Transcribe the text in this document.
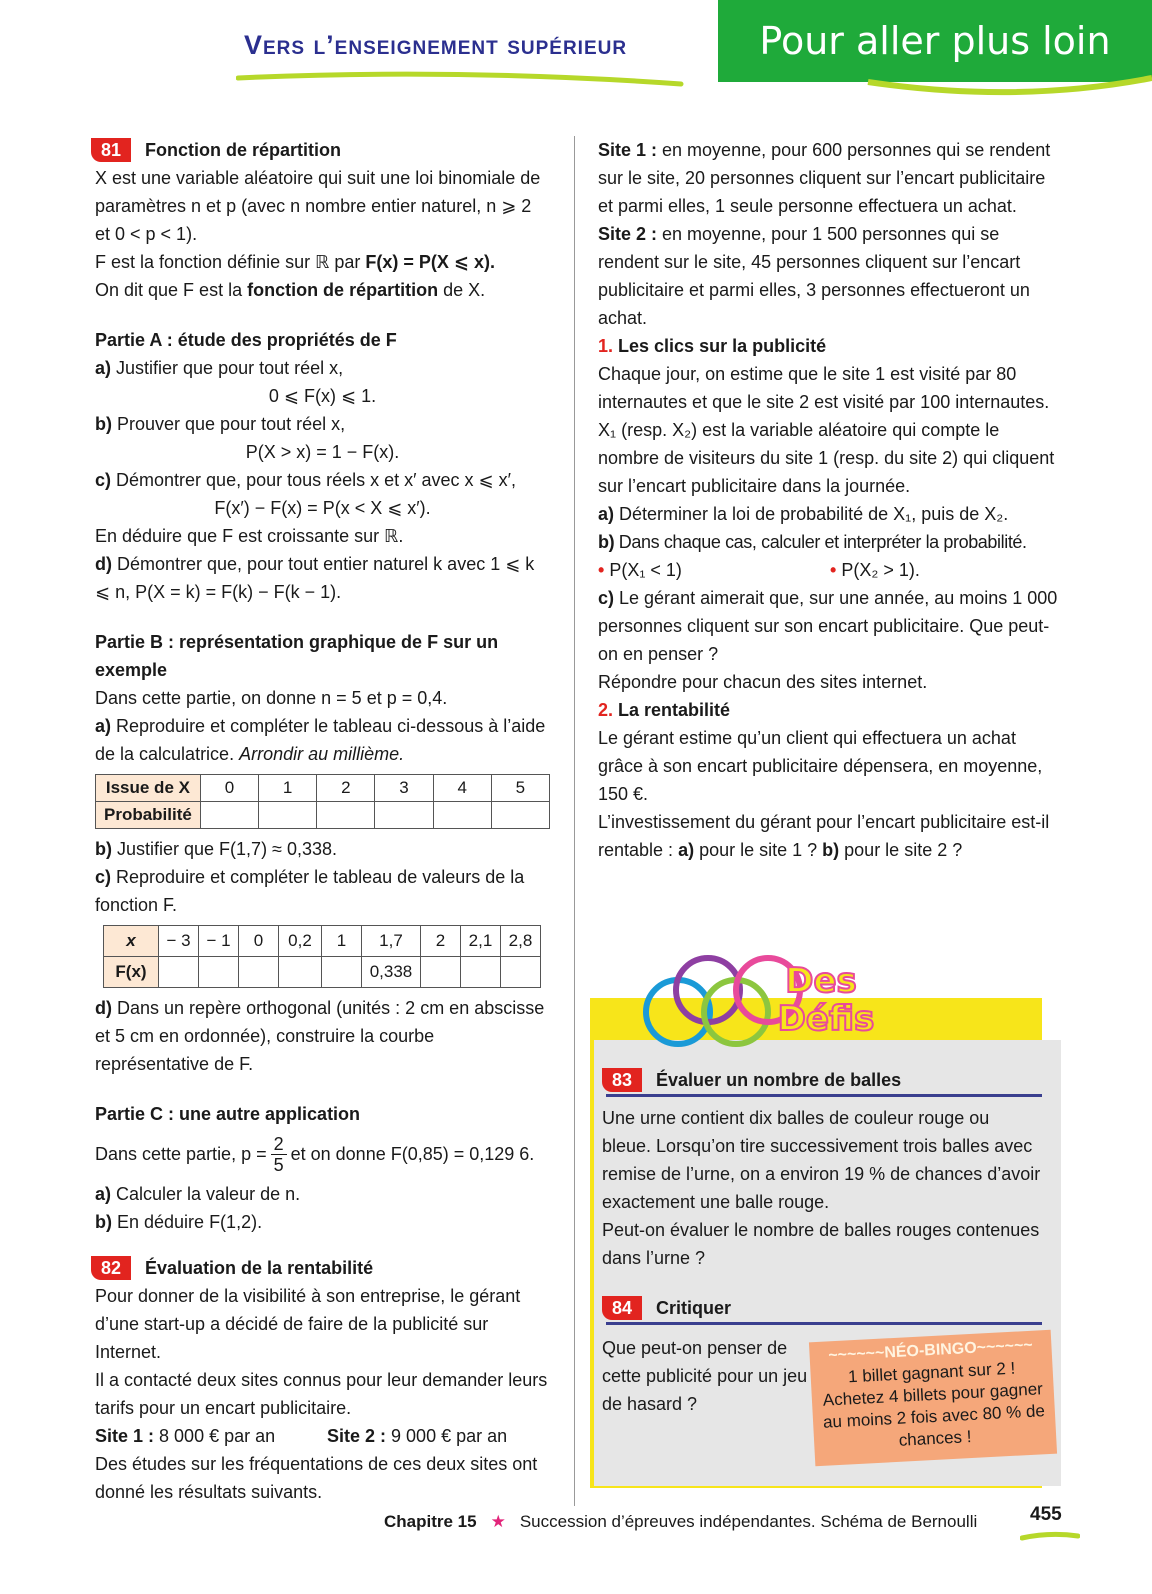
Vers l’enseignement supérieur	Pour aller plus loin
81	Fonction de répartition

X est une variable aléatoire qui suit une loi binomiale de paramètres n et p (avec n nombre entier naturel, n ⩾ 2 et 0 < p < 1).

F est la fonction définie sur ℝ par F(x) = P(X ⩽ x).

On dit que F est la fonction de répartition de X.

Partie A : étude des propriétés de F

a) Justifier que pour tout réel x,

0 ⩽ F(x) ⩽ 1.

b) Prouver que pour tout réel x,

P(X > x) = 1 − F(x).

c) Démontrer que, pour tous réels x et x′ avec x ⩽ x′,

F(x′) − F(x) = P(x < X ⩽ x′).

En déduire que F est croissante sur ℝ.

d) Démontrer que, pour tout entier naturel k avec 1 ⩽ k ⩽ n, P(X = k) = F(k) − F(k − 1).

Partie B : représentation graphique de F sur un exemple

Dans cette partie, on donne n = 5 et p = 0,4.

a) Reproduire et compléter le tableau ci-dessous à l’aide de la calculatrice. Arrondir au millième.

Issue de X	0	1	2	3	4	5
Probabilité						

b) Justifier que F(1,7) ≈ 0,338.

c) Reproduire et compléter le tableau de valeurs de la fonction F.

x	− 3	− 1	0	0,2	1	1,7	2	2,1	2,8
F(x)						0,338			

d) Dans un repère orthogonal (unités : 2 cm en abscisse et 5 cm en ordonnée), construire la courbe représentative de F.

Partie C : une autre application

Dans cette partie, $p = \frac{2}{5}$ et on donne F(0,85) = 0,129 6.

a) Calculer la valeur de n.

b) En déduire F(1,2).

82	Évaluation de la rentabilité

Pour donner de la visibilité à son entreprise, le gérant d’une start-up a décidé de faire de la publicité sur Internet.

Il a contacté deux sites connus pour leur demander leurs tarifs pour un encart publicitaire.

Site 1 : 8 000 € par an	Site 2 : 9 000 € par an

Des études sur les fréquentations de ces deux sites ont donné les résultats suivants.

Site 1 : en moyenne, pour 600 personnes qui se rendent sur le site, 20 personnes cliquent sur l’encart publicitaire et parmi elles, 1 seule personne effectuera un achat.

Site 2 : en moyenne, pour 1 500 personnes qui se rendent sur le site, 45 personnes cliquent sur l’encart publicitaire et parmi elles, 3 personnes effectueront un achat.

1. Les clics sur la publicité

Chaque jour, on estime que le site 1 est visité par 80 internautes et que le site 2 est visité par 100 internautes.

X₁ (resp. X₂) est la variable aléatoire qui compte le nombre de visiteurs du site 1 (resp. du site 2) qui cliquent sur l’encart publicitaire dans la journée.

a) Déterminer la loi de probabilité de X₁, puis de X₂.

b) Dans chaque cas, calculer et interpréter la probabilité.

• P(X₁ < 1)	• P(X₂ > 1).

c) Le gérant aimerait que, sur une année, au moins 1 000 personnes cliquent sur son encart publicitaire. Que peut-on en penser ?

Répondre pour chacun des sites internet.

2. La rentabilité

Le gérant estime qu’un client qui effectuera un achat grâce à son encart publicitaire dépensera, en moyenne, 150 €.

L’investissement du gérant pour l’encart publicitaire est-il rentable : a) pour le site 1 ? b) pour le site 2 ?

Des
Défis
83	Évaluer un nombre de balles

Une urne contient dix balles de couleur rouge ou bleue. Lorsqu’on tire successivement trois balles avec remise de l’urne, on a environ 19 % de chances d’avoir exactement une balle rouge.

Peut-on évaluer le nombre de balles rouges contenues dans l’urne ?

84	Critiquer

Que peut-on penser de cette publicité pour un jeu de hasard ?

~~~~~~NÉO-BINGO~~~~~~
1 billet gagnant sur 2 !
Achetez 4 billets pour gagner au moins 2 fois avec 80 % de chances !
Chapitre 15 ★ Succession d’épreuves indépendantes. Schéma de Bernoulli	455
